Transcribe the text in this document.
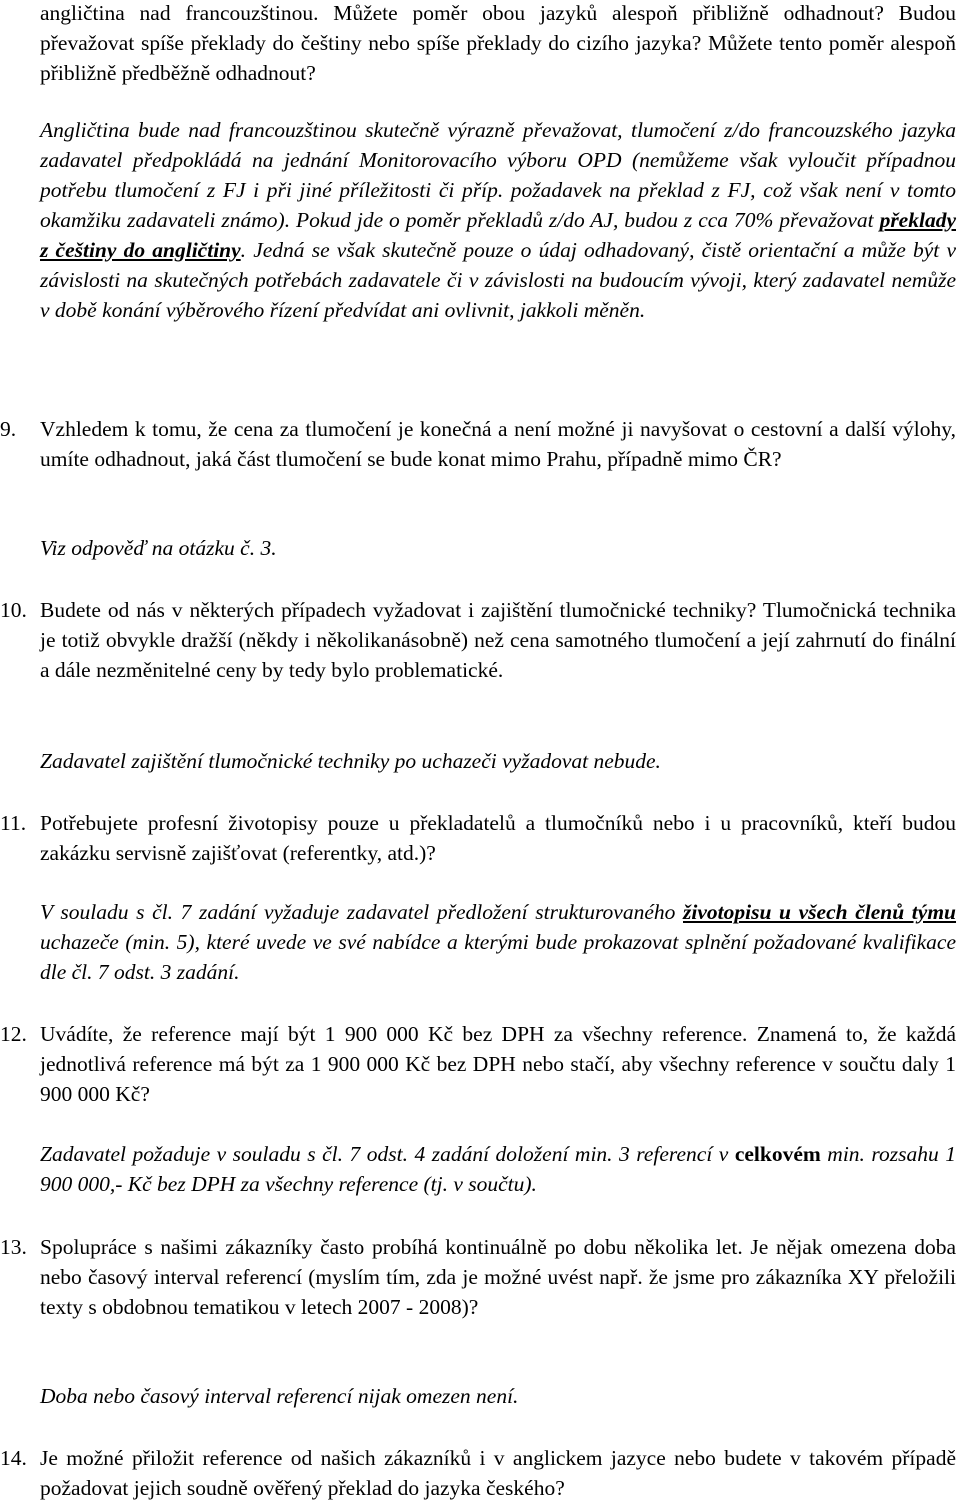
angličtina nad francouzštinou. Můžete poměr obou jazyků alespoň přibližně odhadnout? Budou převažovat spíše překlady do češtiny nebo spíše překlady do cizího jazyka? Můžete tento poměr alespoň přibližně předběžně odhadnout?

Angličtina bude nad francouzštinou skutečně výrazně převažovat, tlumočení z/do francouzského jazyka zadavatel předpokládá na jednání Monitorovacího výboru OPD (nemůžeme však vyloučit případnou potřebu tlumočení z FJ i při jiné příležitosti či příp. požadavek na překlad z FJ, což však není v tomto okamžiku zadavateli známo). Pokud jde o poměr překladů z/do AJ, budou z cca 70% převažovat překlady z češtiny do angličtiny. Jedná se však skutečně pouze o údaj odhadovaný, čistě orientační a může být v závislosti na skutečných potřebách zadavatele či v závislosti na budoucím vývoji, který zadavatel nemůže v době konání výběrového řízení předvídat ani ovlivnit, jakkoli měněn.

9. Vzhledem k tomu, že cena za tlumočení je konečná a není možné ji navyšovat o cestovní a další výlohy, umíte odhadnout, jaká část tlumočení se bude konat mimo Prahu, případně mimo ČR?

Viz odpověď na otázku č. 3.

10. Budete od nás v některých případech vyžadovat i zajištění tlumočnické techniky? Tlumočnická technika je totiž obvykle dražší (někdy i několikanásobně) než cena samotného tlumočení a její zahrnutí do finální a dále nezměnitelné ceny by tedy bylo problematické.

Zadavatel zajištění tlumočnické techniky po uchazeči vyžadovat nebude.

11. Potřebujete profesní životopisy pouze u překladatelů a tlumočníků nebo i u pracovníků, kteří budou zakázku servisně zajišťovat (referentky, atd.)?

V souladu s čl. 7 zadání vyžaduje zadavatel předložení strukturovaného životopisu u všech členů týmu uchazeče (min. 5), které uvede ve své nabídce a kterými bude prokazovat splnění požadované kvalifikace dle čl. 7 odst. 3 zadání.

12. Uvádíte, že reference mají být 1 900 000 Kč bez DPH za všechny reference. Znamená to, že každá jednotlivá reference má být za 1 900 000 Kč bez DPH nebo stačí, aby všechny reference v součtu daly 1 900 000 Kč?

Zadavatel požaduje v souladu s čl. 7 odst. 4 zadání doložení min. 3 referencí v celkovém min. rozsahu 1 900 000,- Kč bez DPH za všechny reference (tj. v součtu).

13. Spolupráce s našimi zákazníky často probíhá kontinuálně po dobu několika let. Je nějak omezena doba nebo časový interval referencí (myslím tím, zda je možné uvést např. že jsme pro zákazníka XY přeložili texty s obdobnou tematikou v letech 2007 - 2008)?

Doba nebo časový interval referencí nijak omezen není.

14. Je možné přiložit reference od našich zákazníků i v anglickem jazyce nebo budete v takovém případě požadovat jejich soudně ověřený překlad do jazyka českého?
